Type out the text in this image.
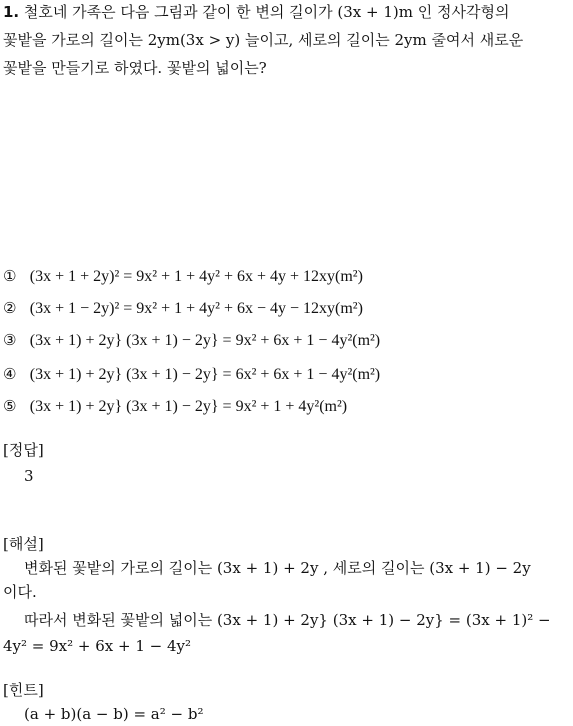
1. 철호네 가족은 다음 그림과 같이 한 변의 길이가 (3x + 1)m 인 정사각형의
꽃밭을 가로의 길이는 2ym(3x > y) 늘이고, 세로의 길이는 2ym 줄여서 새로운
꽃밭을 만들기로 하였다. 꽃밭의 넓이는?
① (3x + 1 + 2y)² = 9x² + 1 + 4y² + 6x + 4y + 12xy(m²)
② (3x + 1 − 2y)² = 9x² + 1 + 4y² + 6x − 4y − 12xy(m²)
③ (3x + 1) + 2y} (3x + 1) − 2y} = 9x² + 6x + 1 − 4y²(m²)
④ (3x + 1) + 2y} (3x + 1) − 2y} = 6x² + 6x + 1 − 4y²(m²)
⑤ (3x + 1) + 2y} (3x + 1) − 2y} = 9x² + 1 + 4y²(m²)
[정답]
3
[해설]
변화된 꽃밭의 가로의 길이는 (3x + 1) + 2y , 세로의 길이는 (3x + 1) − 2y
이다.
따라서 변화된 꽃밭의 넓이는 (3x + 1) + 2y} (3x + 1) − 2y} = (3x + 1)² −
4y² = 9x² + 6x + 1 − 4y²
[힌트]
(a + b)(a − b) = a² − b²
